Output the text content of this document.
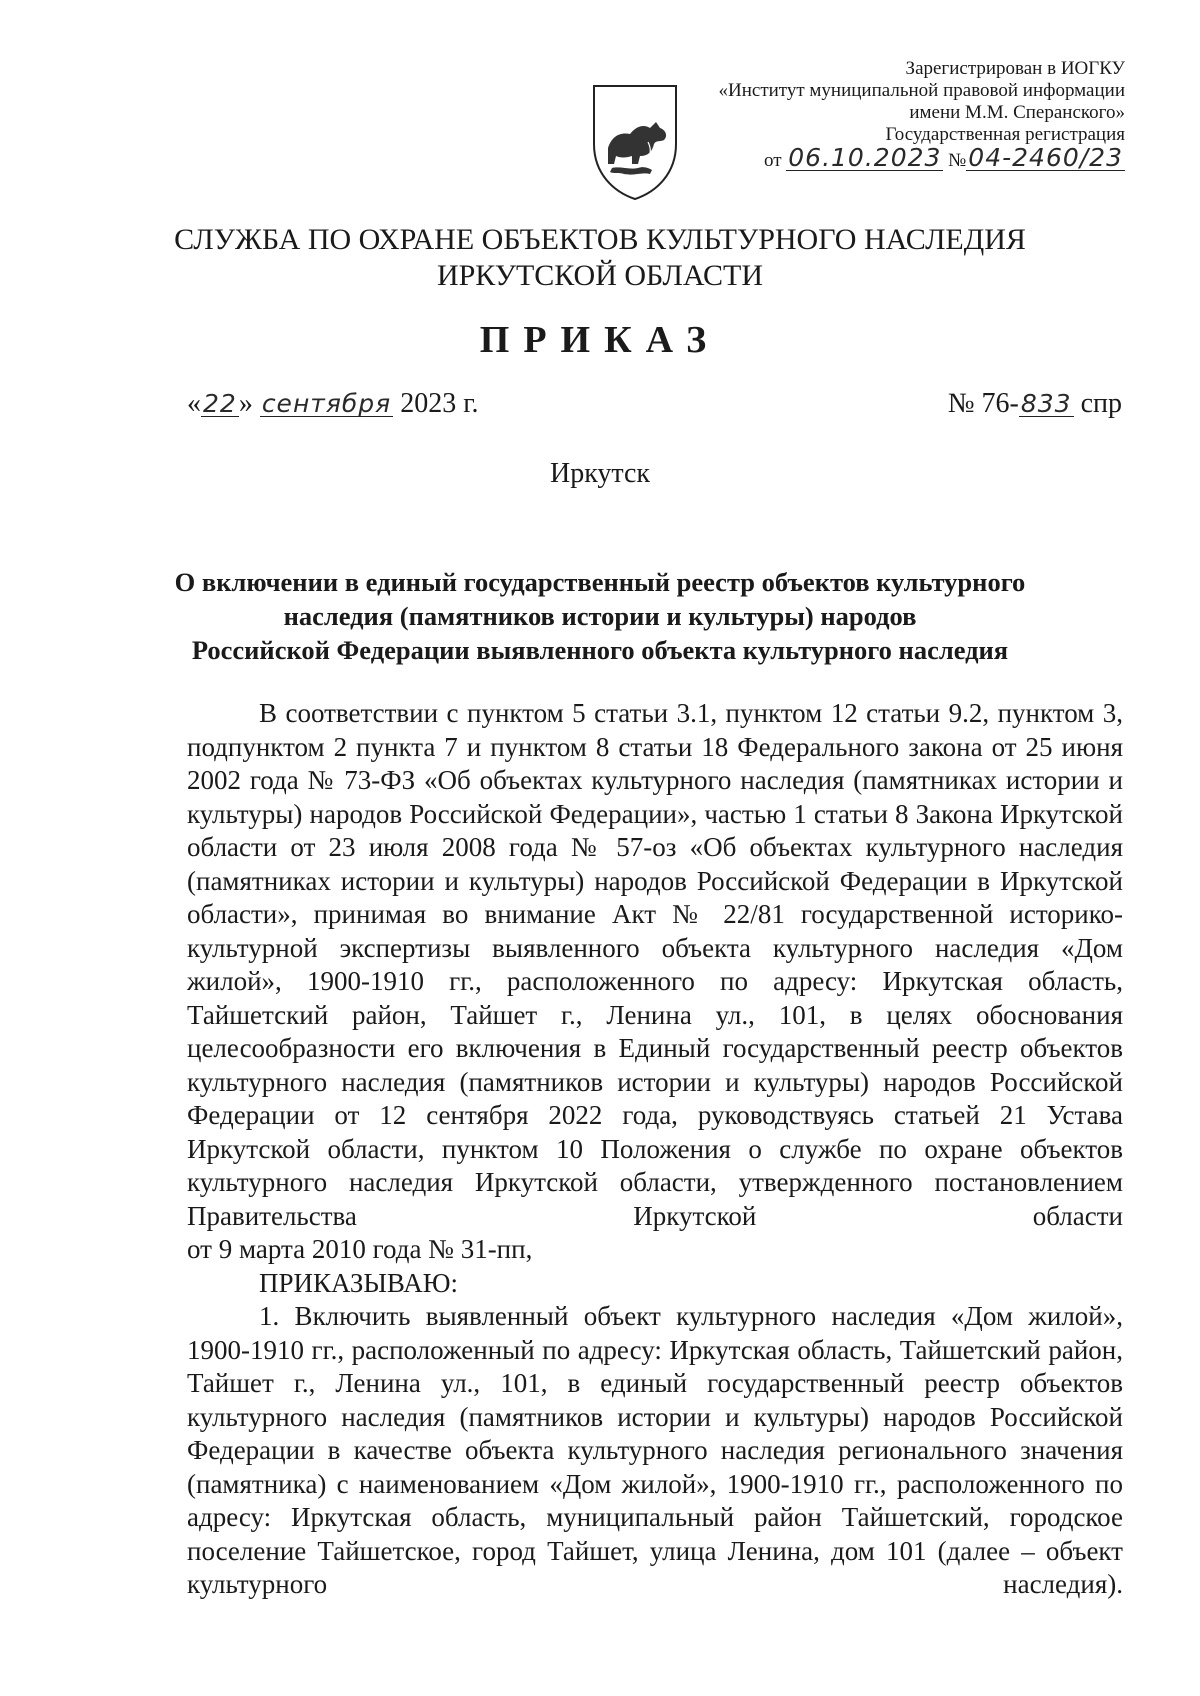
Зарегистрирован в ИОГКУ
«Институт муниципальной правовой информации
имени М.М. Сперанского»
Государственная регистрация
от 06.10.2023 №04-2460/23
СЛУЖБА ПО ОХРАНЕ ОБЪЕКТОВ КУЛЬТУРНОГО НАСЛЕДИЯ
ИРКУТСКОЙ ОБЛАСТИ
ПРИКАЗ
«22» сентября 2023 г.	№ 76-833 спр
Иркутск
О включении в единый государственный реестр объектов культурного
наследия (памятников истории и культуры) народов
Российской Федерации выявленного объекта культурного наследия

В соответствии с пунктом 5 статьи 3.1, пунктом 12 статьи 9.2, пунктом 3, подпунктом 2 пункта 7 и пунктом 8 статьи 18 Федерального закона от 25 июня 2002 года № 73-ФЗ «Об объектах культурного наследия (памятниках истории и культуры) народов Российской Федерации», частью 1 статьи 8 Закона Иркутской области от 23 июля 2008 года № 57-оз «Об объектах культурного наследия (памятниках истории и культуры) народов Российской Федерации в Иркутской области», принимая во внимание Акт № 22/81 государственной историко-культурной экспертизы выявленного объекта культурного наследия «Дом жилой», 1900-1910 гг., расположенного по адресу: Иркутская область, Тайшетский район, Тайшет г., Ленина ул., 101, в целях обоснования целесообразности его включения в Единый государственный реестр объектов культурного наследия (памятников истории и культуры) народов Российской Федерации от 12 сентября 2022 года, руководствуясь статьей 21 Устава Иркутской области, пунктом 10 Положения о службе по охране объектов культурного наследия Иркутской области, утвержденного постановлением Правительства Иркутской области

от 9 марта 2010 года № 31-пп,

ПРИКАЗЫВАЮ:

1. Включить выявленный объект культурного наследия «Дом жилой», 1900-1910 гг., расположенный по адресу: Иркутская область, Тайшетский район, Тайшет г., Ленина ул., 101, в единый государственный реестр объектов культурного наследия (памятников истории и культуры) народов Российской Федерации в качестве объекта культурного наследия регионального значения (памятника) с наименованием «Дом жилой», 1900-1910 гг., расположенного по адресу: Иркутская область, муниципальный район Тайшетский, городское поселение Тайшетское, город Тайшет, улица Ленина, дом 101 (далее – объект культурного наследия).
